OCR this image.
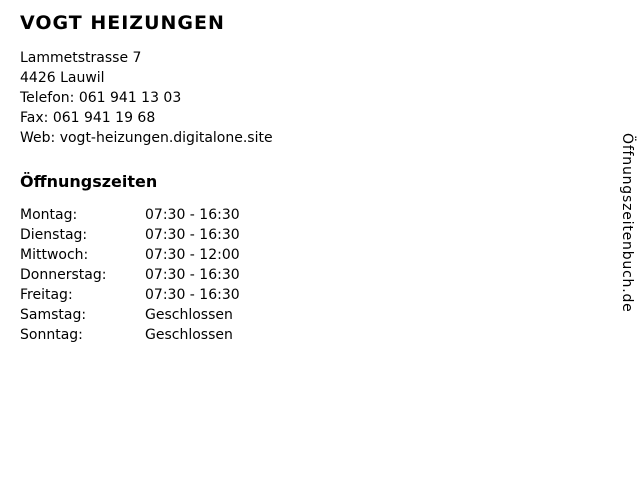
VOGT HEIZUNGEN
Lammetstrasse 7
4426 Lauwil
Telefon: 061 941 13 03
Fax: 061 941 19 68
Web: vogt-heizungen.digitalone.site
Öffnungszeiten
Montag:	07:30 - 16:30
Dienstag:	07:30 - 16:30
Mittwoch:	07:30 - 12:00
Donnerstag:	07:30 - 16:30
Freitag:	07:30 - 16:30
Samstag:	Geschlossen
Sonntag:	Geschlossen
Öffnungszeitenbuch.de
